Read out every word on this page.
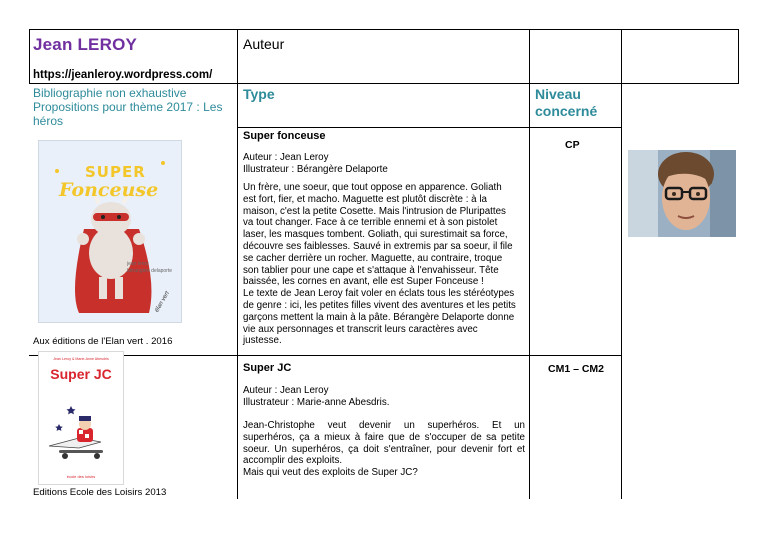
Jean LEROY	Auteur
https://jeanleroy.wordpress.com/
Bibliographie non exhaustive
Propositions pour thème 2017 : Les
héros
Type	Niveau
concerné
Super fonceuse
Auteur : Jean Leroy
Illustrateur : Bérangère Delaporte
Un frère, une soeur, que tout oppose en apparence. Goliath
est fort, fier, et macho. Maguette est plutôt discrète : à la
maison, c'est la petite Cosette. Mais l'intrusion de Pluripattes
va tout changer. Face à ce terrible ennemi et à son pistolet
laser, les masques tombent. Goliath, qui surestimait sa force,
découvre ses faiblesses. Sauvé in extremis par sa soeur, il file
se cacher derrière un rocher. Maguette, au contraire, troque
son tablier pour une cape et s'attaque à l'envahisseur. Tête
baissée, les cornes en avant, elle est Super Fonceuse !
Le texte de Jean Leroy fait voler en éclats tous les stéréotypes
de genre : ici, les petites filles vivent des aventures et les petits
garçons mettent la main à la pâte. Bérangère Delaporte donne
vie aux personnages et transcrit leurs caractères avec
justesse.
CP
Aux éditions de l'Elan vert . 2016
SUPER
Fonceuse
jean leroy
bérangère delaporte
élan vert
Super JC
Auteur : Jean Leroy
Illustrateur : Marie-anne Abesdris.
Jean-Christophe veut devenir un superhéros. Et un
superhéros, ça a mieux à faire que de s'occuper de sa petite
soeur. Un superhéros, ça doit s'entraîner, pour devenir fort et
accomplir des exploits.
Mais qui veut des exploits de Super JC?
CM1 – CM2
Editions Ecole des Loisirs 2013
Jean Leroy & Marie-Anne Abesdris
Super JC
école des loisirs
